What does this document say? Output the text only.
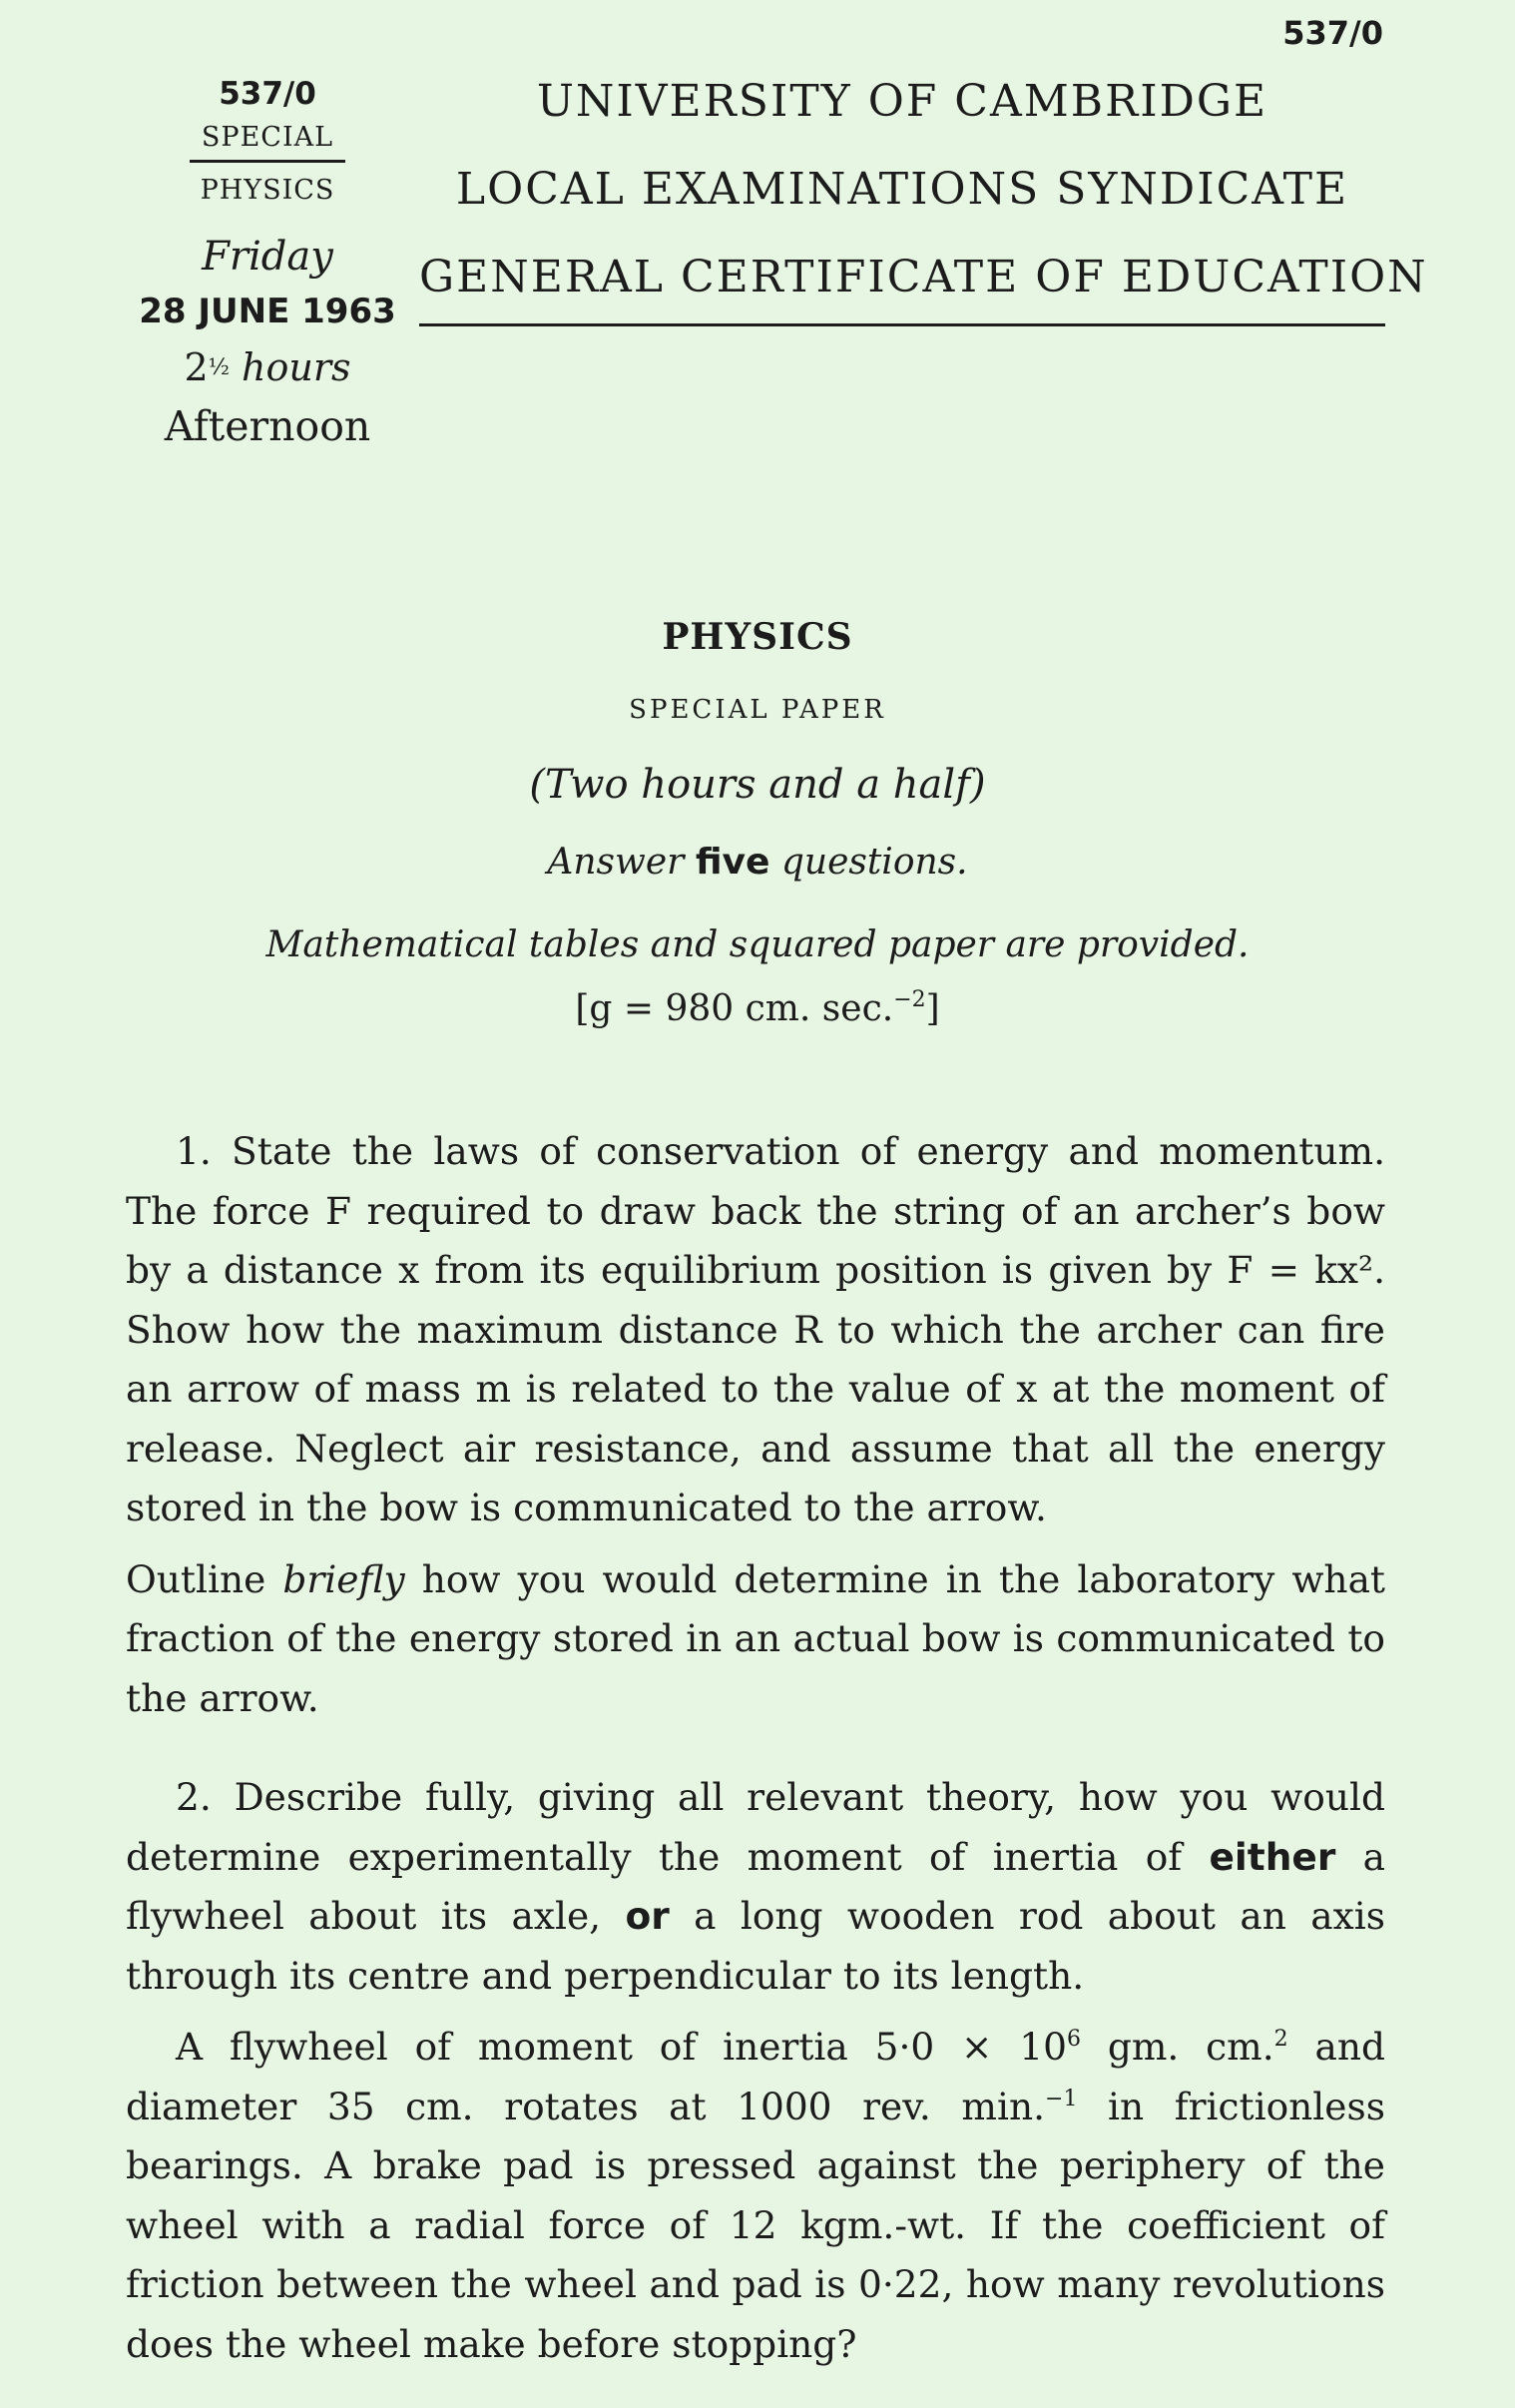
537/0
537/0
SPECIAL
PHYSICS
Friday
28 JUNE 1963
2½ hours
Afternoon
UNIVERSITY OF CAMBRIDGE
LOCAL EXAMINATIONS SYNDICATE
GENERAL CERTIFICATE OF EDUCATION
PHYSICS
SPECIAL PAPER
(Two hours and a half)
Answer five questions.
Mathematical tables and squared paper are provided.
[g = 980 cm. sec.$^{-2}$]

1. State the laws of conservation of energy and momentum. The force F required to draw back the string of an archer’s bow by a distance x from its equilibrium position is given by F = kx². Show how the maximum distance R to which the archer can fire an arrow of mass m is related to the value of x at the moment of release. Neglect air resistance, and assume that all the energy stored in the bow is communicated to the arrow.

Outline briefly how you would determine in the laboratory what fraction of the energy stored in an actual bow is communicated to the arrow.

2. Describe fully, giving all relevant theory, how you would determine experimentally the moment of inertia of either a flywheel about its axle, or a long wooden rod about an axis through its centre and perpendicular to its length.

A flywheel of moment of inertia $5\cdot 0 \times 10^6$ gm. cm.$^2$ and diameter 35 cm. rotates at 1000 rev. min.$^{-1}$ in frictionless bearings. A brake pad is pressed against the periphery of the wheel with a radial force of 12 kgm.-wt. If the coefficient of friction between the wheel and pad is 0·22, how many revolutions does the wheel make before stopping?
